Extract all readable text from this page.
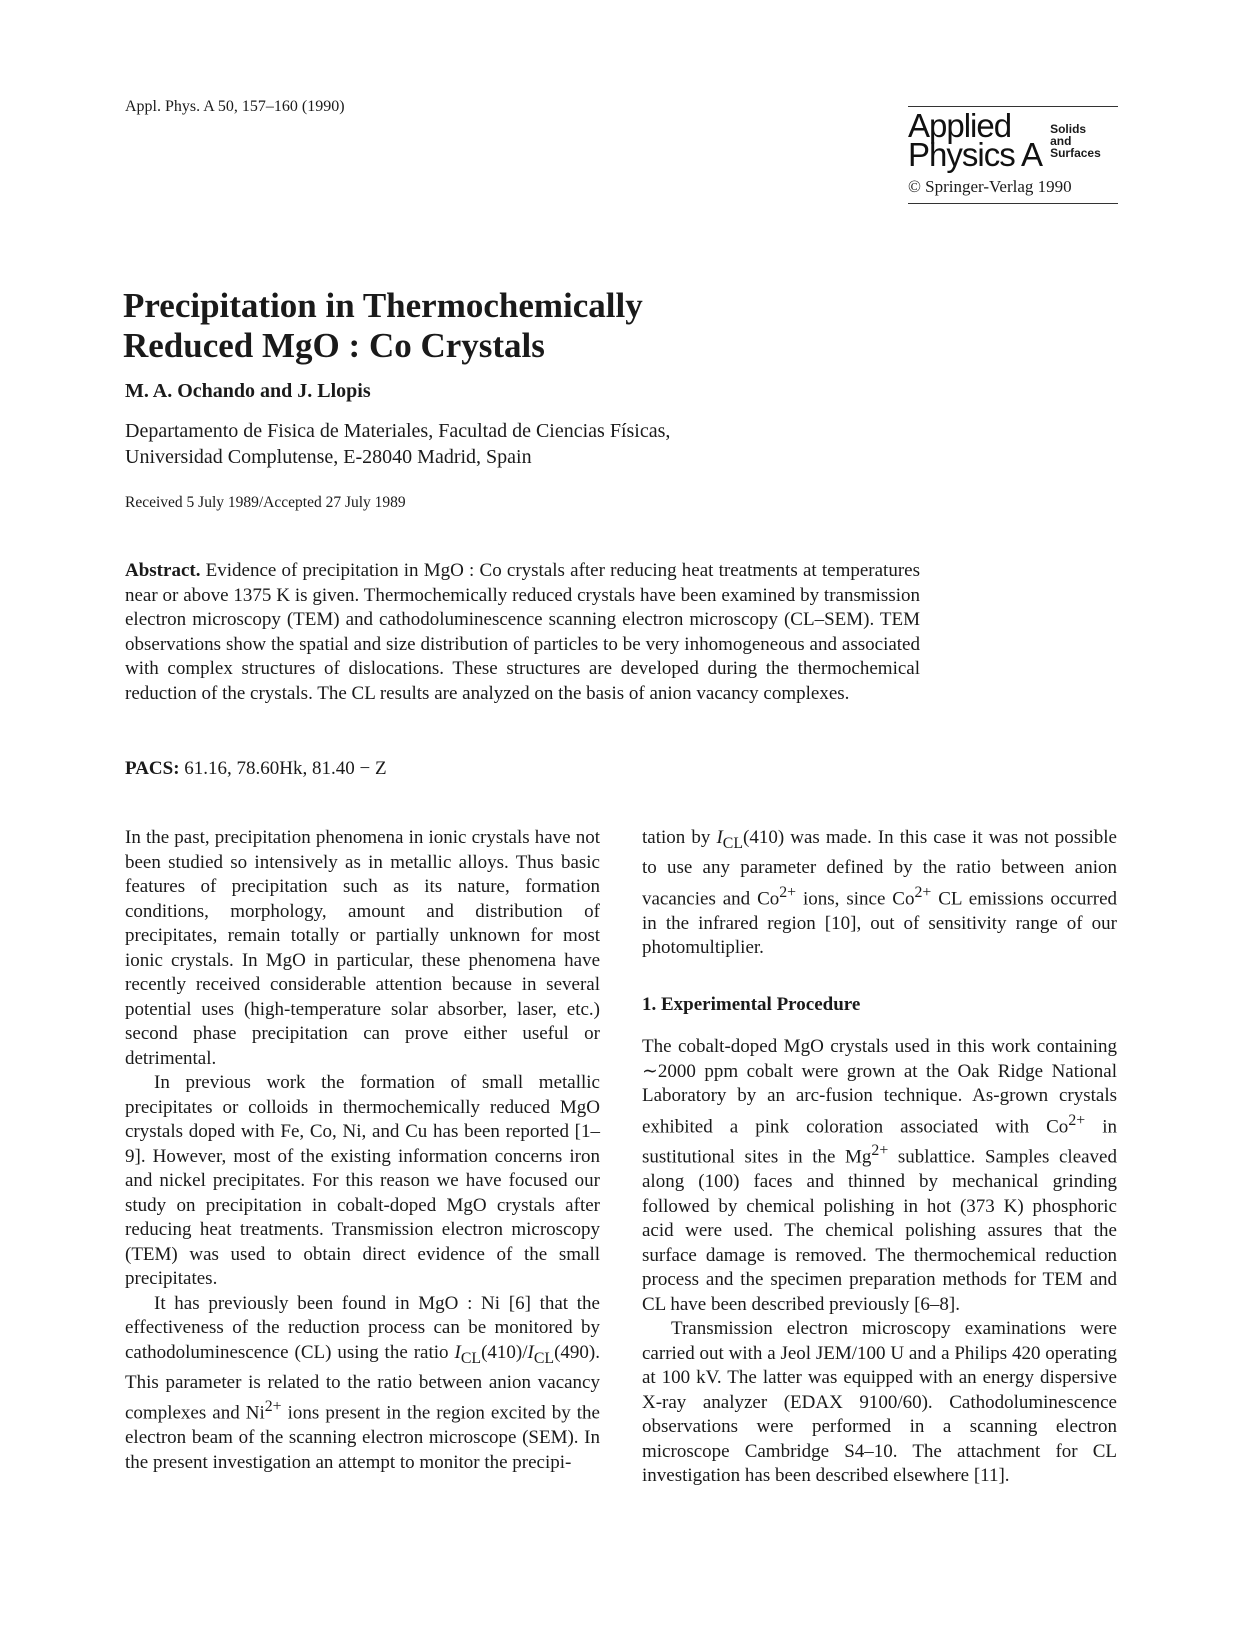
Appl. Phys. A 50, 157–160 (1990)
Applied
Physics A
Solids
and
Surfaces
© Springer-Verlag 1990
Precipitation in Thermochemically
Reduced MgO : Co Crystals
M. A. Ochando and J. Llopis
Departamento de Fisica de Materiales, Facultad de Ciencias Físicas,
Universidad Complutense, E-28040 Madrid, Spain
Received 5 July 1989/Accepted 27 July 1989

Abstract. Evidence of precipitation in MgO : Co crystals after reducing heat treatments at temperatures near or above 1375 K is given. Thermochemically reduced crystals have been examined by transmission electron microscopy (TEM) and cathodoluminescence scanning electron microscopy (CL–SEM). TEM observations show the spatial and size distribution of particles to be very inhomogeneous and associated with complex structures of dislocations. These structures are developed during the thermochemical reduction of the crystals. The CL results are analyzed on the basis of anion vacancy complexes.

PACS: 61.16, 78.60Hk, 81.40 − Z

In the past, precipitation phenomena in ionic crystals have not been studied so intensively as in metallic alloys. Thus basic features of precipitation such as its nature, formation conditions, morphology, amount and distribution of precipitates, remain totally or partially unknown for most ionic crystals. In MgO in particular, these phenomena have recently received considerable attention because in several potential uses (high-temperature solar absorber, laser, etc.) second phase precipitation can prove either useful or detrimental.

In previous work the formation of small metallic precipitates or colloids in thermochemically reduced MgO crystals doped with Fe, Co, Ni, and Cu has been reported [1–9]. However, most of the existing information concerns iron and nickel precipitates. For this reason we have focused our study on precipitation in cobalt-doped MgO crystals after reducing heat treatments. Transmission electron microscopy (TEM) was used to obtain direct evidence of the small precipitates.

It has previously been found in MgO : Ni [6] that the effectiveness of the reduction process can be monitored by cathodoluminescence (CL) using the ratio $I_{CL}(410)/I_{CL}(490)$. This parameter is related to the ratio between anion vacancy complexes and $Ni^{2+}$ ions present in the region excited by the electron beam of the scanning electron microscope (SEM). In the present investigation an attempt to monitor the precipi-

tation by $I_{CL}(410)$ was made. In this case it was not possible to use any parameter defined by the ratio between anion vacancies and $Co^{2+}$ ions, since $Co^{2+}$ CL emissions occurred in the infrared region [10], out of sensitivity range of our photomultiplier.

1. Experimental Procedure

The cobalt-doped MgO crystals used in this work containing ∼2000 ppm cobalt were grown at the Oak Ridge National Laboratory by an arc-fusion technique. As-grown crystals exhibited a pink coloration associated with $Co^{2+}$ in sustitutional sites in the $Mg^{2+}$ sublattice. Samples cleaved along (100) faces and thinned by mechanical grinding followed by chemical polishing in hot (373 K) phosphoric acid were used. The chemical polishing assures that the surface damage is removed. The thermochemical reduction process and the specimen preparation methods for TEM and CL have been described previously [6–8].

Transmission electron microscopy examinations were carried out with a Jeol JEM/100 U and a Philips 420 operating at 100 kV. The latter was equipped with an energy dispersive X-ray analyzer (EDAX 9100/60). Cathodoluminescence observations were performed in a scanning electron microscope Cambridge S4–10. The attachment for CL investigation has been described elsewhere [11].
